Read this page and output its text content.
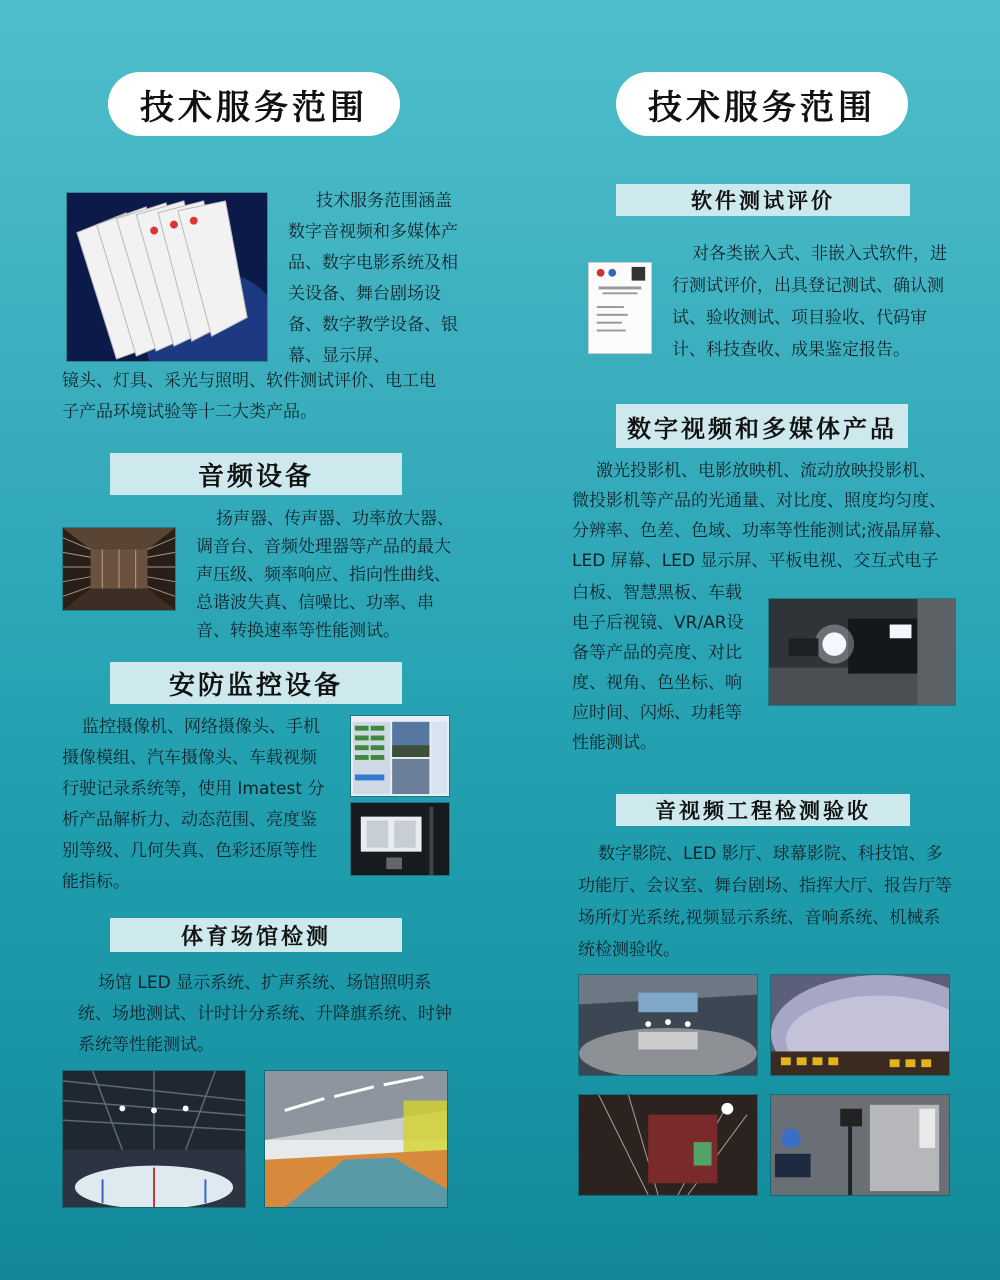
技术服务范围
技术服务范围涵盖数字音视频和多媒体产品、数字电影系统及相关设备、舞台剧场设备、数字教学设备、银幕、显示屏、
镜头、灯具、采光与照明、软件测试评价、电工电子产品环境试验等十二大类产品。
音频设备
扬声器、传声器、功率放大器、调音台、音频处理器等产品的最大声压级、频率响应、指向性曲线、总谐波失真、信噪比、功率、串音、转换速率等性能测试。
安防监控设备
监控摄像机、网络摄像头、手机摄像模组、汽车摄像头、车载视频行驶记录系统等，使用 Imatest 分析产品解析力、动态范围、亮度鉴别等级、几何失真、色彩还原等性能指标。
体育场馆检测
场馆 LED 显示系统、扩声系统、场馆照明系统、场地测试、计时计分系统、升降旗系统、时钟系统等性能测试。
技术服务范围
软件测试评价
对各类嵌入式、非嵌入式软件，进行测试评价，出具登记测试、确认测试、验收测试、项目验收、代码审计、科技查收、成果鉴定报告。
数字视频和多媒体产品
激光投影机、电影放映机、流动放映投影机、微投影机等产品的光通量、对比度、照度均匀度、分辨率、色差、色域、功率等性能测试;液晶屏幕、LED 屏幕、LED 显示屏、平板电视、交互式电子
白板、智慧黑板、车载电子后视镜、VR/AR设备等产品的亮度、对比度、视角、色坐标、响应时间、闪烁、功耗等性能测试。
音视频工程检测验收
数字影院、LED 影厅、球幕影院、科技馆、多功能厅、会议室、舞台剧场、指挥大厅、报告厅等场所灯光系统,视频显示系统、音响系统、机械系统检测验收。
